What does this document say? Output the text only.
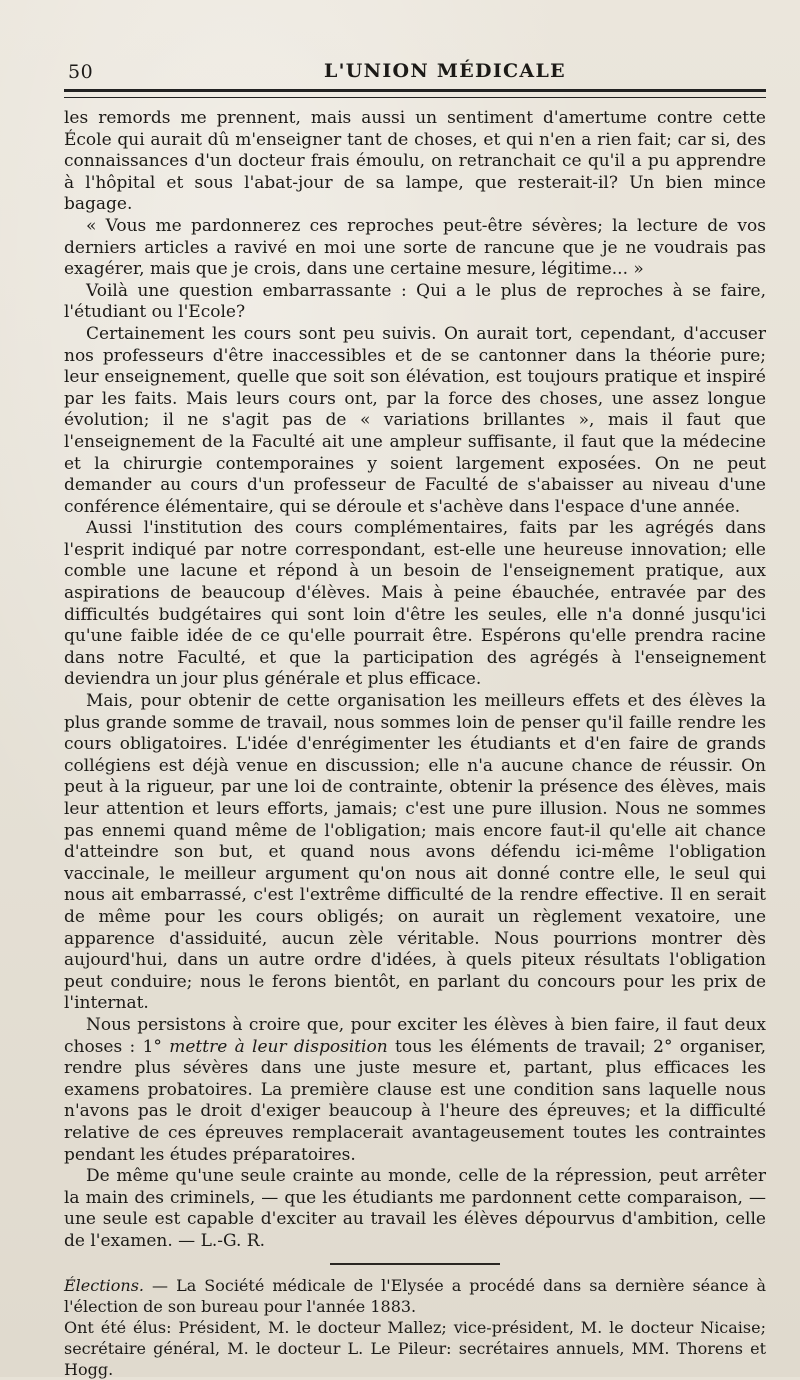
50	L'UNION MÉDICALE

les remords me prennent, mais aussi un sentiment d'amertume contre cette École qui aurait dû m'enseigner tant de choses, et qui n'en a rien fait; car si, des connaissances d'un docteur frais émoulu, on retranchait ce qu'il a pu apprendre à l'hôpital et sous l'abat-jour de sa lampe, que resterait-il? Un bien mince bagage.

« Vous me pardonnerez ces reproches peut-être sévères; la lecture de vos derniers articles a ravivé en moi une sorte de rancune que je ne voudrais pas exagérer, mais que je crois, dans une certaine mesure, légitime... »

Voilà une question embarrassante : Qui a le plus de reproches à se faire, l'étudiant ou l'Ecole?

Certainement les cours sont peu suivis. On aurait tort, cependant, d'accuser nos professeurs d'être inaccessibles et de se cantonner dans la théorie pure; leur enseignement, quelle que soit son élévation, est toujours pratique et inspiré par les faits. Mais leurs cours ont, par la force des choses, une assez longue évolution; il ne s'agit pas de « variations brillantes », mais il faut que l'enseignement de la Faculté ait une ampleur suffisante, il faut que la médecine et la chirurgie contemporaines y soient largement exposées. On ne peut demander au cours d'un professeur de Faculté de s'abaisser au niveau d'une conférence élémentaire, qui se déroule et s'achève dans l'espace d'une année.

Aussi l'institution des cours complémentaires, faits par les agrégés dans l'esprit indiqué par notre correspondant, est-elle une heureuse innovation; elle comble une lacune et répond à un besoin de l'enseignement pratique, aux aspirations de beaucoup d'élèves. Mais à peine ébauchée, entravée par des difficultés budgétaires qui sont loin d'être les seules, elle n'a donné jusqu'ici qu'une faible idée de ce qu'elle pourrait être. Espérons qu'elle prendra racine dans notre Faculté, et que la participation des agrégés à l'enseignement deviendra un jour plus générale et plus efficace.

Mais, pour obtenir de cette organisation les meilleurs effets et des élèves la plus grande somme de travail, nous sommes loin de penser qu'il faille rendre les cours obligatoires. L'idée d'enrégimenter les étudiants et d'en faire de grands collégiens est déjà venue en discussion; elle n'a aucune chance de réussir. On peut à la rigueur, par une loi de contrainte, obtenir la présence des élèves, mais leur attention et leurs efforts, jamais; c'est une pure illusion. Nous ne sommes pas ennemi quand même de l'obligation; mais encore faut-il qu'elle ait chance d'atteindre son but, et quand nous avons défendu ici-même l'obligation vaccinale, le meilleur argument qu'on nous ait donné contre elle, le seul qui nous ait embarrassé, c'est l'extrême difficulté de la rendre effective. Il en serait de même pour les cours obligés; on aurait un règlement vexatoire, une apparence d'assiduité, aucun zèle véritable. Nous pourrions montrer dès aujourd'hui, dans un autre ordre d'idées, à quels piteux résultats l'obligation peut conduire; nous le ferons bientôt, en parlant du concours pour les prix de l'internat.

Nous persistons à croire que, pour exciter les élèves à bien faire, il faut deux choses : 1° mettre à leur disposition tous les éléments de travail; 2° organiser, rendre plus sévères dans une juste mesure et, partant, plus efficaces les examens probatoires. La première clause est une condition sans laquelle nous n'avons pas le droit d'exiger beaucoup à l'heure des épreuves; et la difficulté relative de ces épreuves remplacerait avantageusement toutes les contraintes pendant les études préparatoires.

De même qu'une seule crainte au monde, celle de la répression, peut arrêter la main des criminels, — que les étudiants me pardonnent cette comparaison, — une seule est capable d'exciter au travail les élèves dépourvus d'ambition, celle de l'examen. — L.-G. R.

Élections. — La Société médicale de l'Elysée a procédé dans sa dernière séance à l'élection de son bureau pour l'année 1883.

Ont été élus: Président, M. le docteur Mallez; vice-président, M. le docteur Nicaise; secrétaire général, M. le docteur L. Le Pileur: secrétaires annuels, MM. Thorens et Hogg.
